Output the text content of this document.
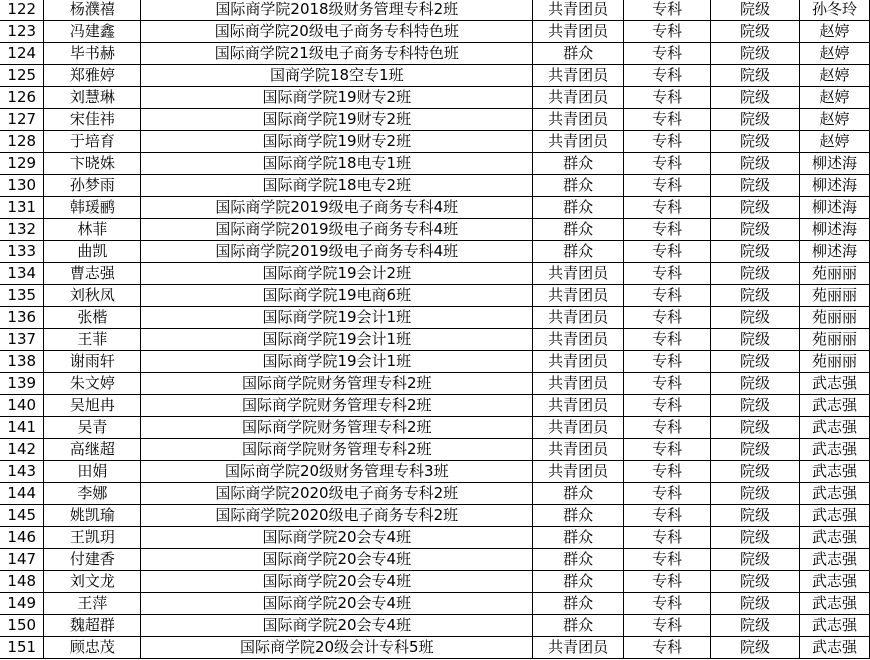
122	杨濮禧	国际商学院2018级财务管理专科2班	共青团员	专科	院级	孙冬玲
123	冯建鑫	国际商学院20级电子商务专科特色班	共青团员	专科	院级	赵婷
124	毕书赫	国际商学院21级电子商务专科特色班	群众	专科	院级	赵婷
125	郑雅婷	国商学院18空专1班	共青团员	专科	院级	赵婷
126	刘慧琳	国际商学院19财专2班	共青团员	专科	院级	赵婷
127	宋佳祎	国际商学院19财专2班	共青团员	专科	院级	赵婷
128	于培育	国际商学院19财专2班	共青团员	专科	院级	赵婷
129	卞晓姝	国际商学院18电专1班	群众	专科	院级	柳述海
130	孙梦雨	国际商学院18电专2班	群众	专科	院级	柳述海
131	韩瑗鹂	国际商学院2019级电子商务专科4班	群众	专科	院级	柳述海
132	林菲	国际商学院2019级电子商务专科4班	群众	专科	院级	柳述海
133	曲凯	国际商学院2019级电子商务专科4班	群众	专科	院级	柳述海
134	曹志强	国际商学院19会计2班	共青团员	专科	院级	苑丽丽
135	刘秋凤	国际商学院19电商6班	共青团员	专科	院级	苑丽丽
136	张楷	国际商学院19会计1班	共青团员	专科	院级	苑丽丽
137	王菲	国际商学院19会计1班	共青团员	专科	院级	苑丽丽
138	谢雨轩	国际商学院19会计1班	共青团员	专科	院级	苑丽丽
139	朱文婷	国际商学院财务管理专科2班	共青团员	专科	院级	武志强
140	吴旭冉	国际商学院财务管理专科2班	共青团员	专科	院级	武志强
141	吴青	国际商学院财务管理专科2班	共青团员	专科	院级	武志强
142	高继超	国际商学院财务管理专科2班	共青团员	专科	院级	武志强
143	田娟	国际商学院20级财务管理专科3班	共青团员	专科	院级	武志强
144	李娜	国际商学院2020级电子商务专科2班	群众	专科	院级	武志强
145	姚凯瑜	国际商学院2020级电子商务专科2班	群众	专科	院级	武志强
146	王凯玥	国际商学院20会专4班	群众	专科	院级	武志强
147	付建香	国际商学院20会专4班	群众	专科	院级	武志强
148	刘文龙	国际商学院20会专4班	群众	专科	院级	武志强
149	王萍	国际商学院20会专4班	群众	专科	院级	武志强
150	魏超群	国际商学院20会专4班	群众	专科	院级	武志强
151	顾忠茂	国际商学院20级会计专科5班	共青团员	专科	院级	武志强
